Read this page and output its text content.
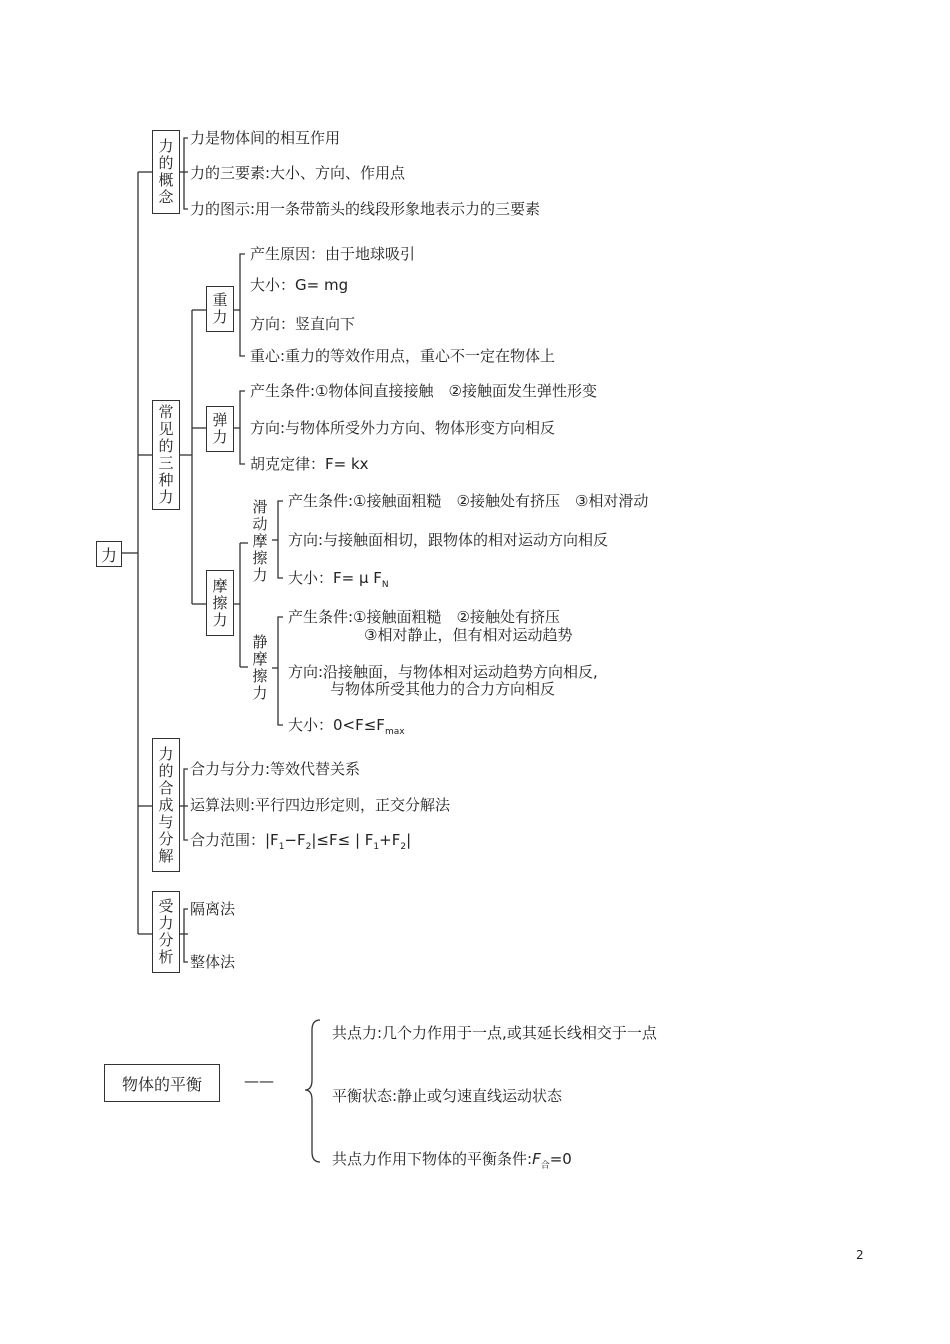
力
力
的
概
念
力是物体间的相互作用
力的三要素:大小、方向、作用点
力的图示:用一条带箭头的线段形象地表示力的三要素
常
见
的
三
种
力
重
力
产生原因：由于地球吸引
大小：G= mg
方向：竖直向下
重心:重力的等效作用点，重心不一定在物体上
弹
力
产生条件:①物体间直接接触　②接触面发生弹性形变
方向:与物体所受外力方向、物体形变方向相反
胡克定律：F= kx
摩
擦
力
滑
动
摩
擦
力
产生条件:①接触面粗糙　②接触处有挤压　③相对滑动
方向:与接触面相切，跟物体的相对运动方向相反
大小：F= μ $F_N$
静
摩
擦
力
产生条件:①接触面粗糙　②接触处有挤压
③相对静止，但有相对运动趋势
方向:沿接触面，与物体相对运动趋势方向相反,
与物体所受其他力的合力方向相反
大小：$0<F\le F_{max}$
力
的
合
成
与
分
解
合力与分力:等效代替关系
运算法则:平行四边形定则，正交分解法
合力范围：$|F_1-F_2|\le F\le$ | $F_1+F_2|$
受
力
分
析
隔离法
整体法
物体的平衡	——
共点力:几个力作用于一点,或其延长线相交于一点
平衡状态:静止或匀速直线运动状态
共点力作用下物体的平衡条件$:F_合=0$
2
